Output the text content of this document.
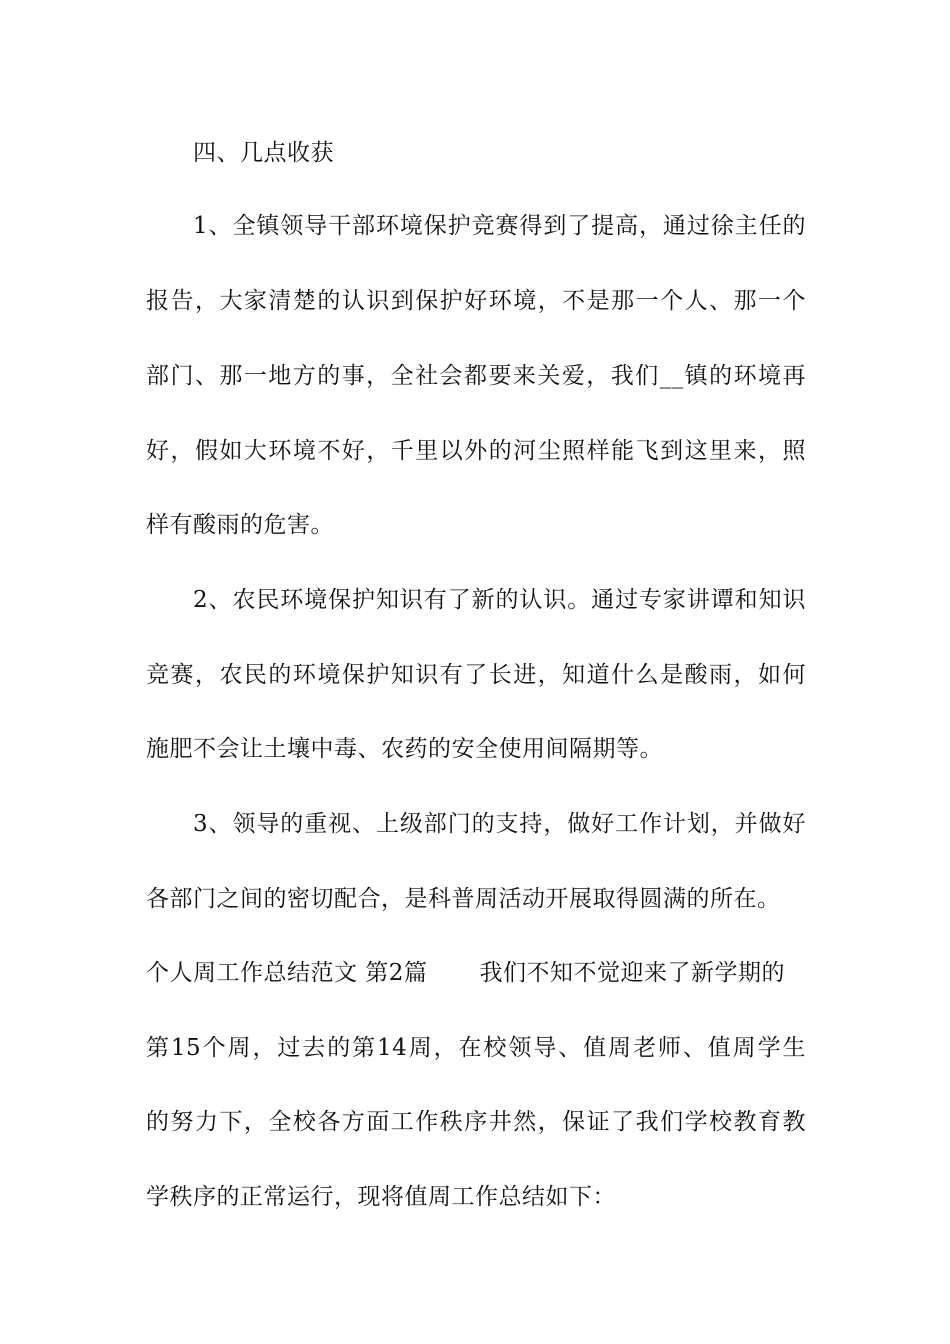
四、几点收获
1、全镇领导干部环境保护竞赛得到了提高，通过徐主任的
报告，大家清楚的认识到保护好环境，不是那一个人、那一个
部门、那一地方的事，全社会都要来关爱，我们__镇的环境再
好，假如大环境不好，千里以外的河尘照样能飞到这里来，照
样有酸雨的危害。
2、农民环境保护知识有了新的认识。通过专家讲谭和知识
竞赛，农民的环境保护知识有了长进，知道什么是酸雨，如何
施肥不会让土壤中毒、农药的安全使用间隔期等。
3、领导的重视、上级部门的支持，做好工作计划，并做好
各部门之间的密切配合，是科普周活动开展取得圆满的所在。
个人周工作总结范文 第2篇 我们不知不觉迎来了新学期的
第15个周，过去的第14周，在校领导、值周老师、值周学生
的努力下，全校各方面工作秩序井然，保证了我们学校教育教
学秩序的正常运行，现将值周工作总结如下：
